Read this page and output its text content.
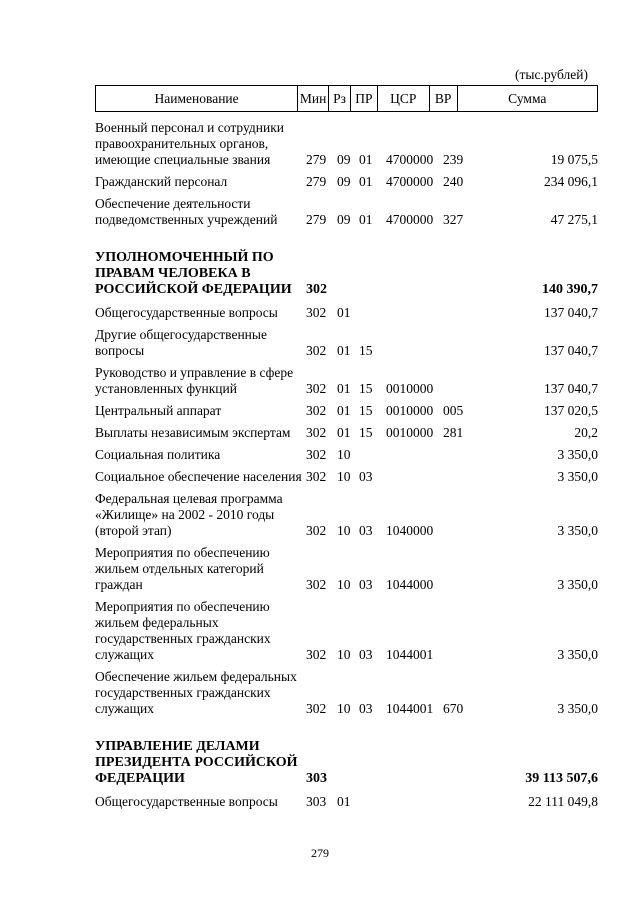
(тыс.рублей)
Наименование	Мин Рз ПР	ЦСР	ВР	Сумма
Военный персонал и сотрудники правоохранительных органов, имеющие специальные звания	279 09 01	4700000 239	19 075,5
Гражданский персонал	279 09 01	4700000 240	234 096,1
Обеспечение деятельности подведомственных учреждений	279 09 01	4700000 327	47 275,1
УПОЛНОМОЧЕННЫЙ ПО ПРАВАМ ЧЕЛОВЕКА В РОССИЙСКОЙ ФЕДЕРАЦИИ	302	140 390,7
Общегосударственные вопросы	302 01	137 040,7
Другие общегосударственные вопросы	302 01 15	137 040,7
Руководство и управление в сфере установленных функций	302 01 15	0010000	137 040,7
Центральный аппарат	302 01 15	0010000 005	137 020,5
Выплаты независимым экспертам	302 01 15	0010000 281	20,2
Социальная политика	302 10	3 350,0
Социальное обеспечение населения 302 10 03	3 350,0
Федеральная целевая программа «Жилище» на 2002 - 2010 годы (второй этап)	302 10 03	1040000	3 350,0
Мероприятия по обеспечению жильем отдельных категорий граждан	302 10 03	1044000	3 350,0
Мероприятия по обеспечению жильем федеральных государственных гражданских служащих	302 10 03	1044001	3 350,0
Обеспечение жильем федеральных государственных гражданских служащих	302 10 03	1044001 670	3 350,0
УПРАВЛЕНИЕ ДЕЛАМИ ПРЕЗИДЕНТА РОССИЙСКОЙ ФЕДЕРАЦИИ	303	39 113 507,6
Общегосударственные вопросы	303 01	22 111 049,8
279
